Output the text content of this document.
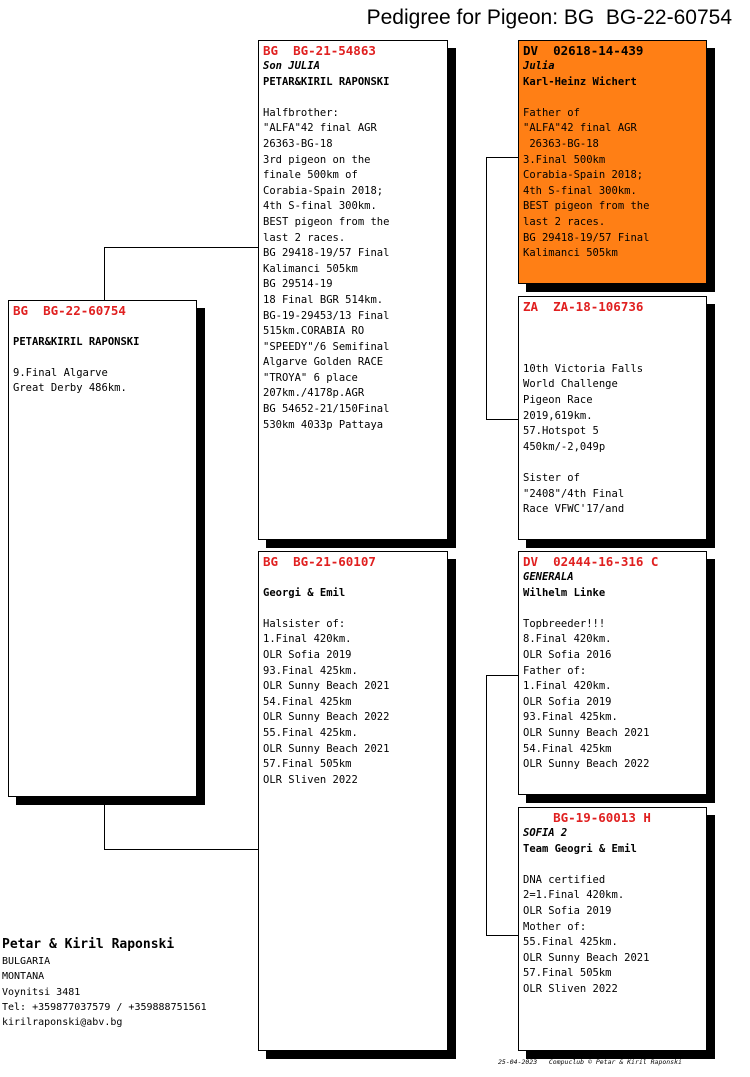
Pedigree for Pigeon: BG  BG-22-60754
BG  BG-22-60754
PETAR&KIRIL RAPONSKI
9.Final Algarve
Great Derby 486km.
BG  BG-21-54863
Son JULIA
PETAR&KIRIL RAPONSKI
Halfbrother:
"ALFA"42 final AGR
26363-BG-18
3rd pigeon on the
finale 500km of
Corabia-Spain 2018;
4th S-final 300km.
BEST pigeon from the
last 2 races.
BG 29418-19/57 Final
Kalimanci 505km
BG 29514-19
18 Final BGR 514km.
BG-19-29453/13 Final
515km.CORABIA RO
"SPEEDY"/6 Semifinal
Algarve Golden RACE
"TROYA" 6 place
207km./4178p.AGR
BG 54652-21/150Final
530km 4033p Pattaya
BG  BG-21-60107
Georgi & Emil
Halsister of:
1.Final 420km.
OLR Sofia 2019
93.Final 425km.
OLR Sunny Beach 2021
54.Final 425km
OLR Sunny Beach 2022
55.Final 425km.
OLR Sunny Beach 2021
57.Final 505km
OLR Sliven 2022
DV  02618-14-439
Julia
Karl-Heinz Wichert
Father of
"ALFA"42 final AGR
26363-BG-18
3.Final 500km
Corabia-Spain 2018;
4th S-final 300km.
BEST pigeon from the
last 2 races.
BG 29418-19/57 Final
Kalimanci 505km
ZA  ZA-18-106736
10th Victoria Falls
World Challenge
Pigeon Race
2019,619km.
57.Hotspot 5
450km/-2,049p
Sister of
"2408"/4th Final
Race VFWC'17/and
DV  02444-16-316 C
GENERALA
Wilhelm Linke
Topbreeder!!!
8.Final 420km.
OLR Sofia 2016
Father of:
1.Final 420km.
OLR Sofia 2019
93.Final 425km.
OLR Sunny Beach 2021
54.Final 425km
OLR Sunny Beach 2022
BG-19-60013 H
SOFIA 2
Team Geogri & Emil
DNA certified
2=1.Final 420km.
OLR Sofia 2019
Mother of:
55.Final 425km.
OLR Sunny Beach 2021
57.Final 505km
OLR Sliven 2022
Petar & Kiril Raponski
BULGARIA
MONTANA
Voynitsi 3481
Tel: +359877037579 / +359888751561
kirilraponski@abv.bg
25-04-2023   Compuclub © Petar & Kiril Raponski
